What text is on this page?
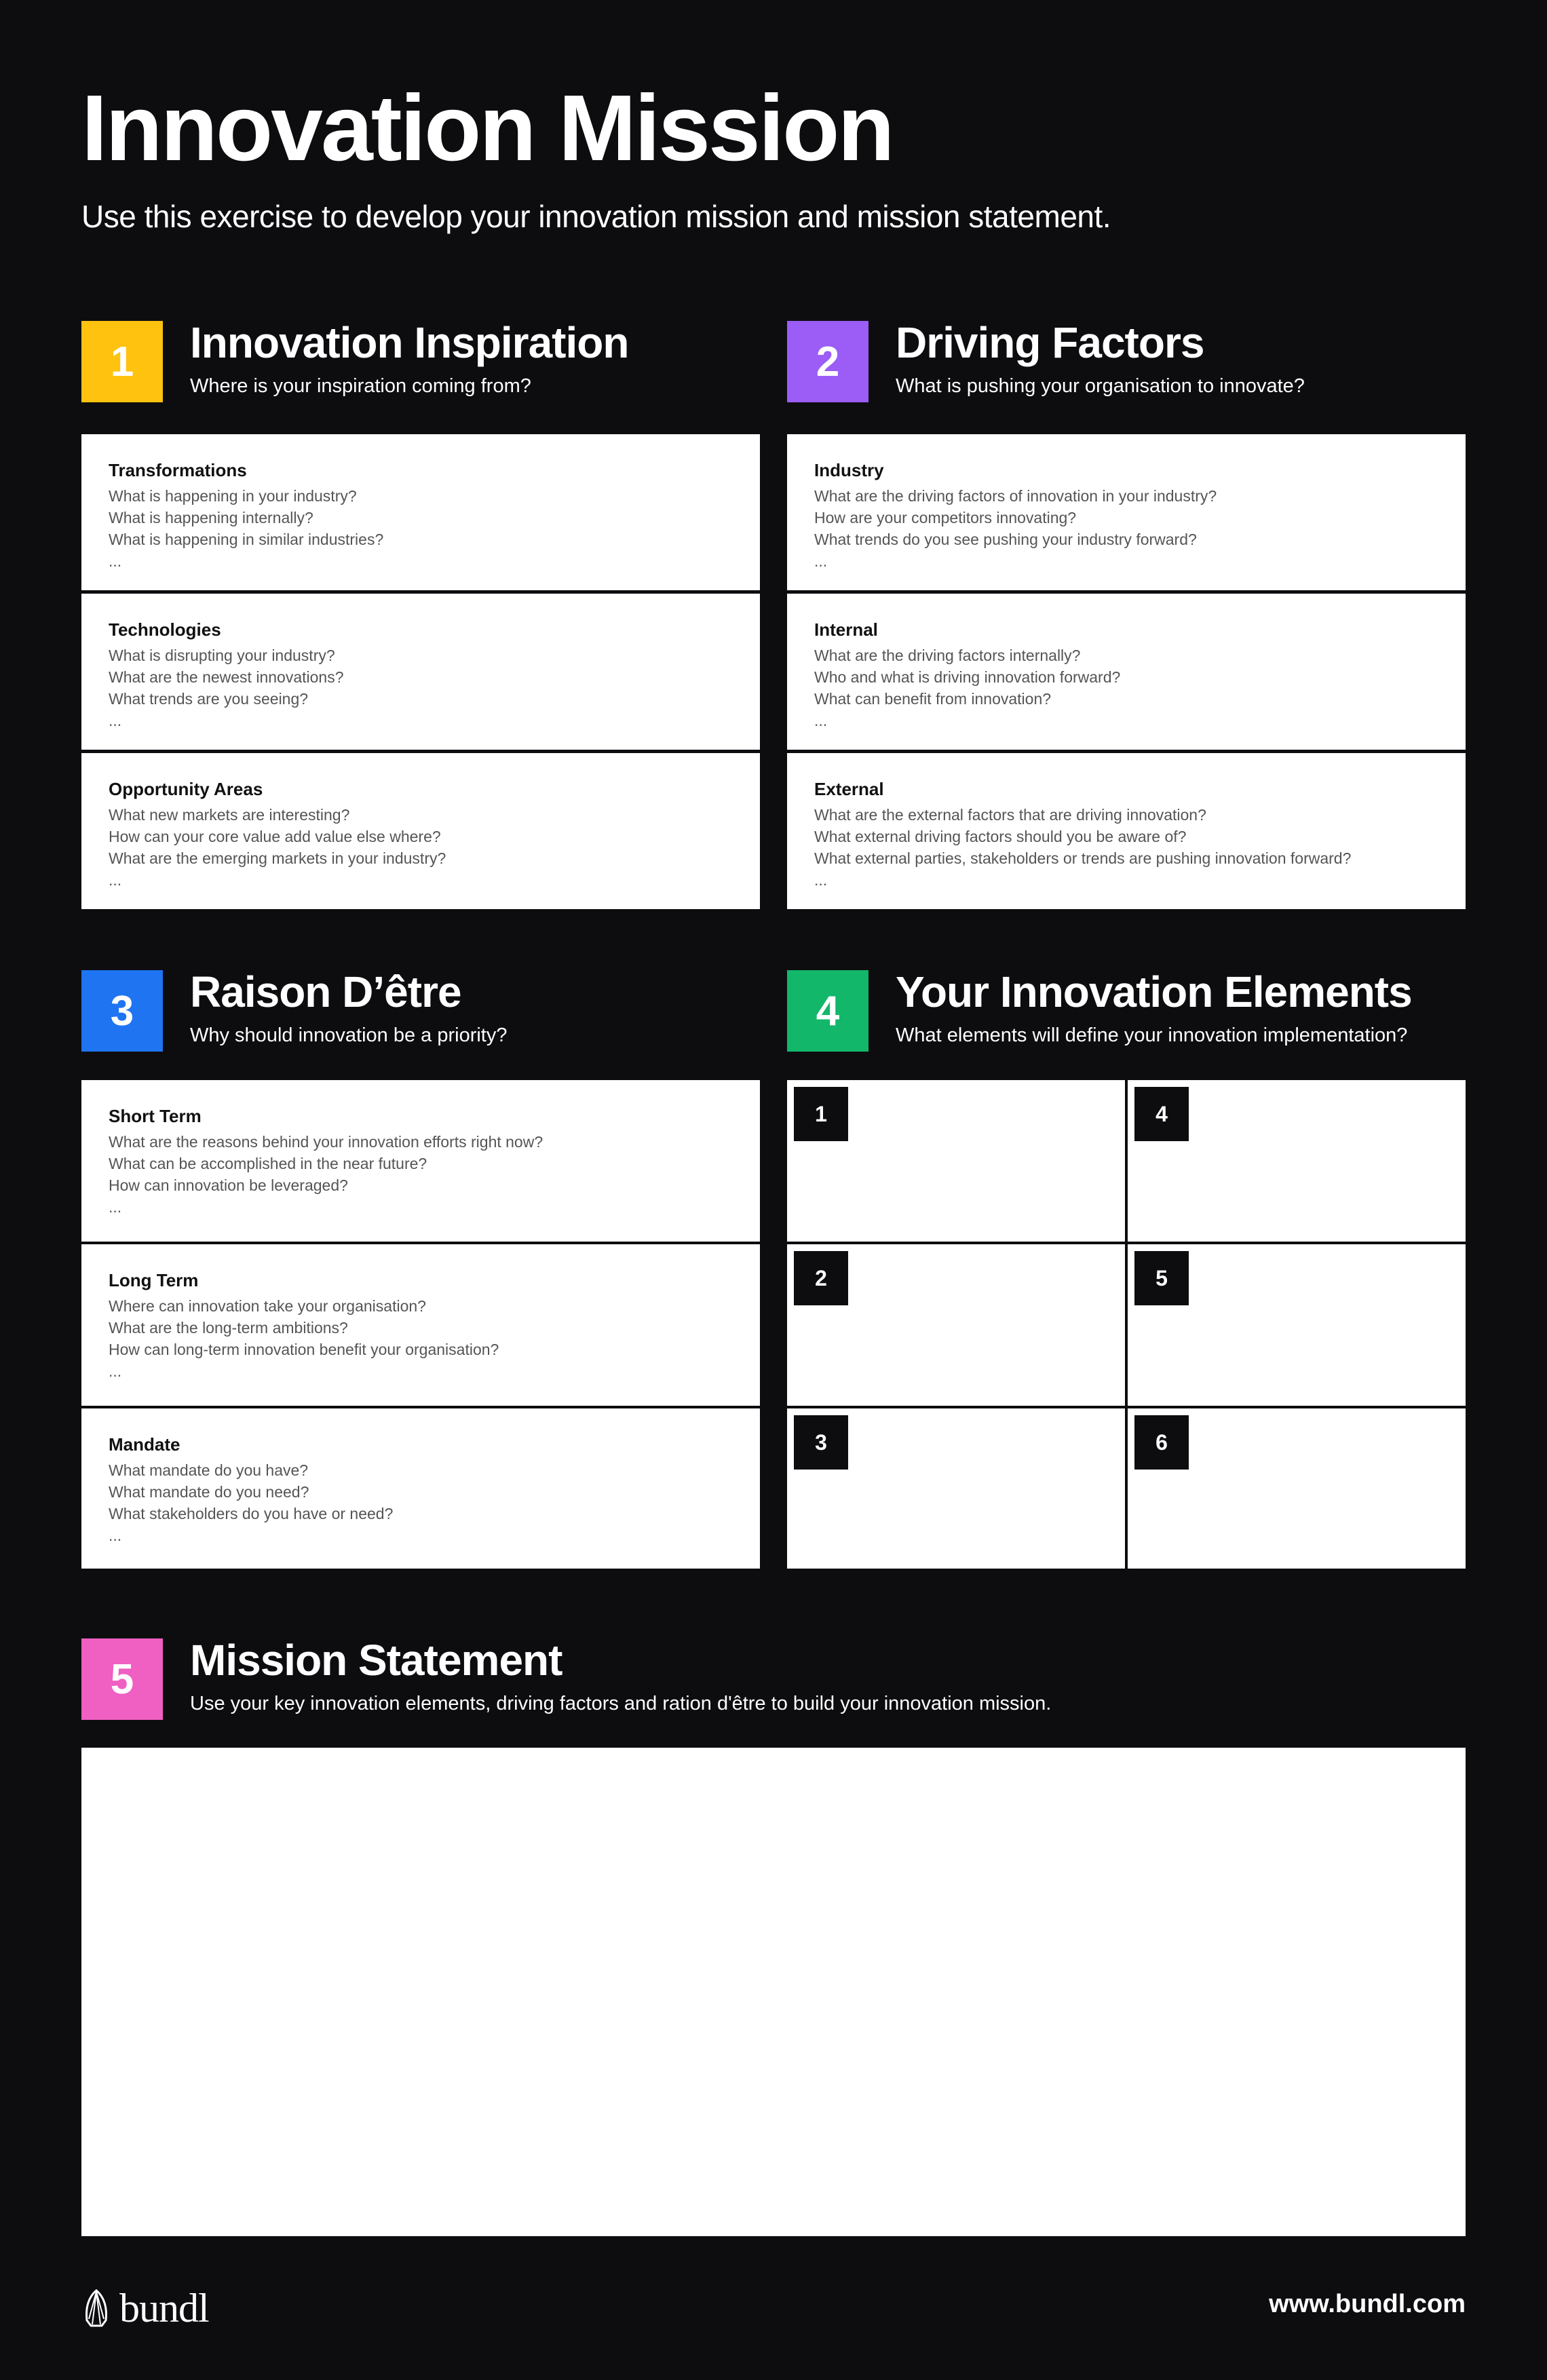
Innovation Mission

Use this exercise to develop your innovation mission and mission statement.

1	Innovation Inspiration

Where is your inspiration coming from?

Transformations

What is happening in your industry?

What is happening internally?

What is happening in similar industries?

...

Technologies

What is disrupting your industry?

What are the newest innovations?

What trends are you seeing?

...

Opportunity Areas

What new markets are interesting?

How can your core value add value else where?

What are the emerging markets in your industry?

...

2	Driving Factors

What is pushing your organisation to innovate?

Industry

What are the driving factors of innovation in your industry?

How are your competitors innovating?

What trends do you see pushing your industry forward?

...

Internal

What are the driving factors internally?

Who and what is driving innovation forward?

What can benefit from innovation?

...

External

What are the external factors that are driving innovation?

What external driving factors should you be aware of?

What external parties, stakeholders or trends are pushing innovation forward?

...

3	Raison D’être

Why should innovation be a priority?

Short Term

What are the reasons behind your innovation efforts right now?

What can be accomplished in the near future?

How can innovation be leveraged?

...

Long Term

Where can innovation take your organisation?

What are the long-term ambitions?

How can long-term innovation benefit your organisation?

...

Mandate

What mandate do you have?

What mandate do you need?

What stakeholders do you have or need?

...

4	Your Innovation Elements

What elements will define your innovation implementation?

1	4
2	5
3	6
5	Mission Statement

Use your key innovation elements, driving factors and ration d'être to build your innovation mission.

bundl	www.bundl.com
